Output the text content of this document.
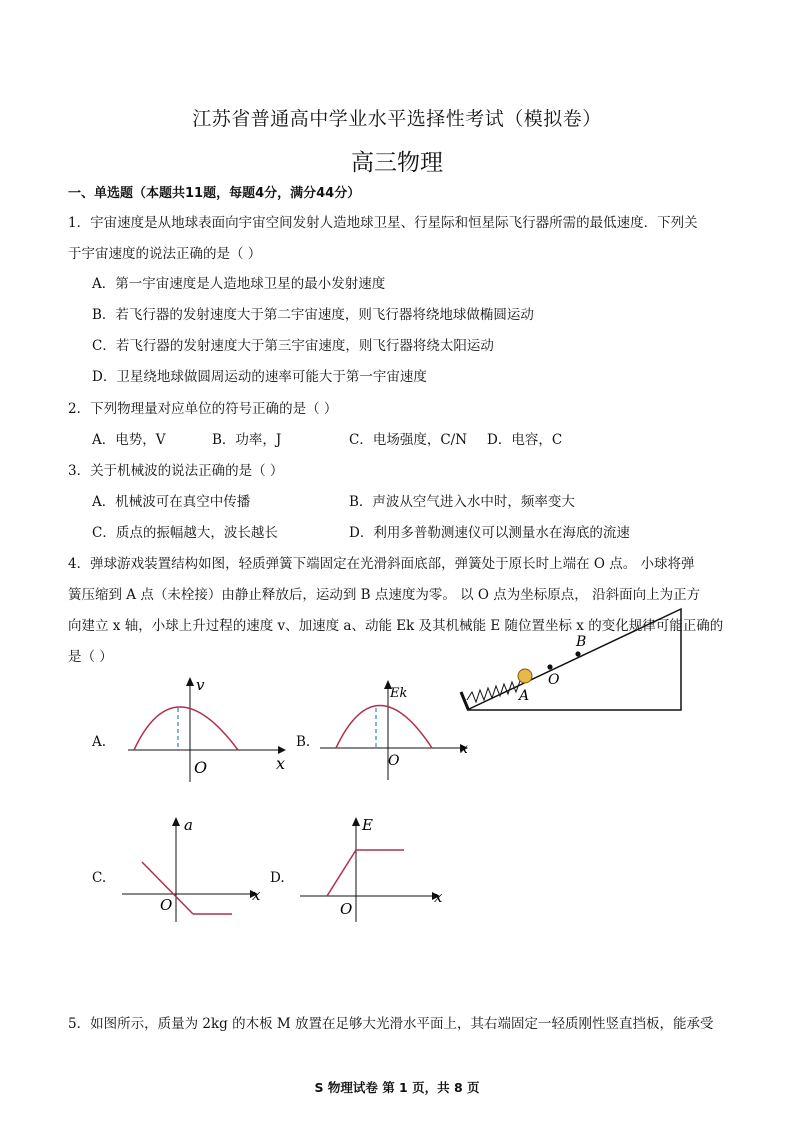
江苏省普通高中学业水平选择性考试（模拟卷）
高三物理
一、单选题（本题共11题，每题4分，满分44分）
1．宇宙速度是从地球表面向宇宙空间发射人造地球卫星、行星际和恒星际飞行器所需的最低速度．下列关
于宇宙速度的说法正确的是（ ）
A．第一宇宙速度是人造地球卫星的最小发射速度
B．若飞行器的发射速度大于第二宇宙速度，则飞行器将绕地球做椭圆运动
C．若飞行器的发射速度大于第三宇宙速度，则飞行器将绕太阳运动
D．卫星绕地球做圆周运动的速率可能大于第一宇宙速度
2．下列物理量对应单位的符号正确的是（ ）
A．电势，V	B．功率，J	C．电场强度，C/N D．电容，C
3．关于机械波的说法正确的是（ ）
A．机械波可在真空中传播	B．声波从空气进入水中时，频率变大
C．质点的振幅越大，波长越长	D．利用多普勒测速仪可以测量水在海底的流速
4．弹球游戏装置结构如图，轻质弹簧下端固定在光滑斜面底部，弹簧处于原长时上端在 O 点。 小球将弹
簧压缩到 A 点（未栓接）由静止释放后，运动到 B 点速度为零。 以 O 点为坐标原点， 沿斜面向上为正方
向建立 x 轴，小球上升过程的速度 v、加速度 a、动能 Ek 及其机械能 E 随位置坐标 x 的变化规律可能正确的
是（ ）
A
O
B
A.
v
x
O
B.
Ek
x
O
C.
a
x
O
D.
E
x
O
5．如图所示，质量为 2kg 的木板 M 放置在足够大光滑水平面上，其右端固定一轻质刚性竖直挡板，能承受
S 物理试卷 第 1 页，共 8 页
